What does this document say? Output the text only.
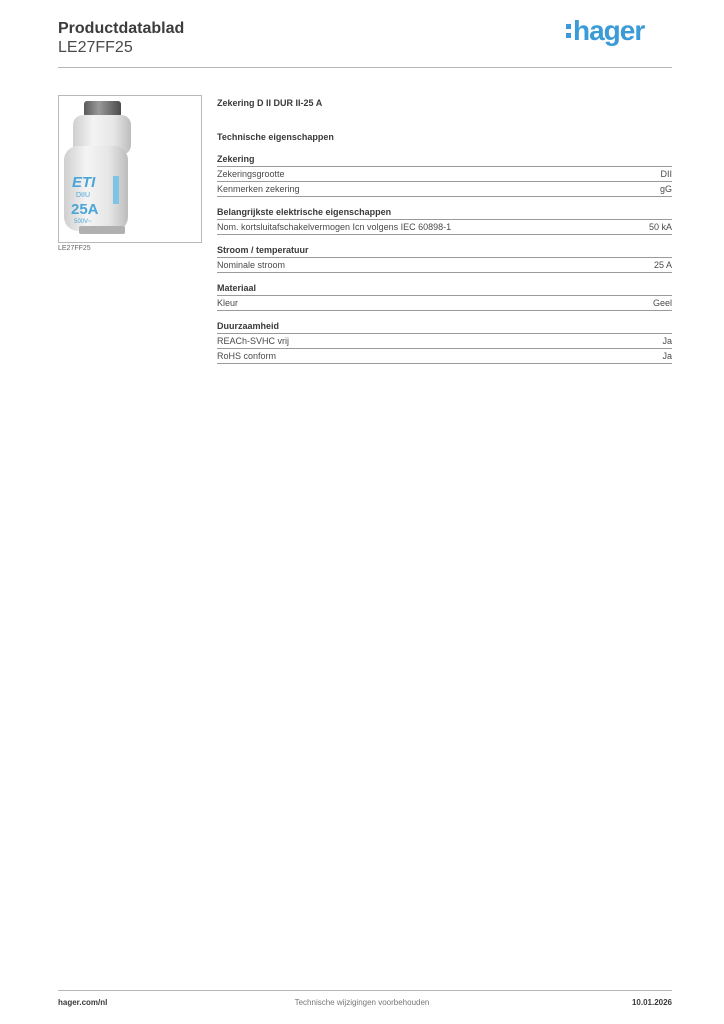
Productdatablad
LE27FF25
hager
ETI
DIIU
25A
500V~
LE27FF25
Zekering D II DUR II-25 A
Technische eigenschappen
Zekering
Zekeringsgrootte	DII
Kenmerken zekering	gG
Belangrijkste elektrische eigenschappen
Nom. kortsluitafschakelvermogen Icn volgens IEC 60898-1	50 kA
Stroom / temperatuur
Nominale stroom	25 A
Materiaal
Kleur	Geel
Duurzaamheid
REACh-SVHC vrij	Ja
RoHS conform	Ja
hager.com/nl	Technische wijzigingen voorbehouden	10.01.2026
